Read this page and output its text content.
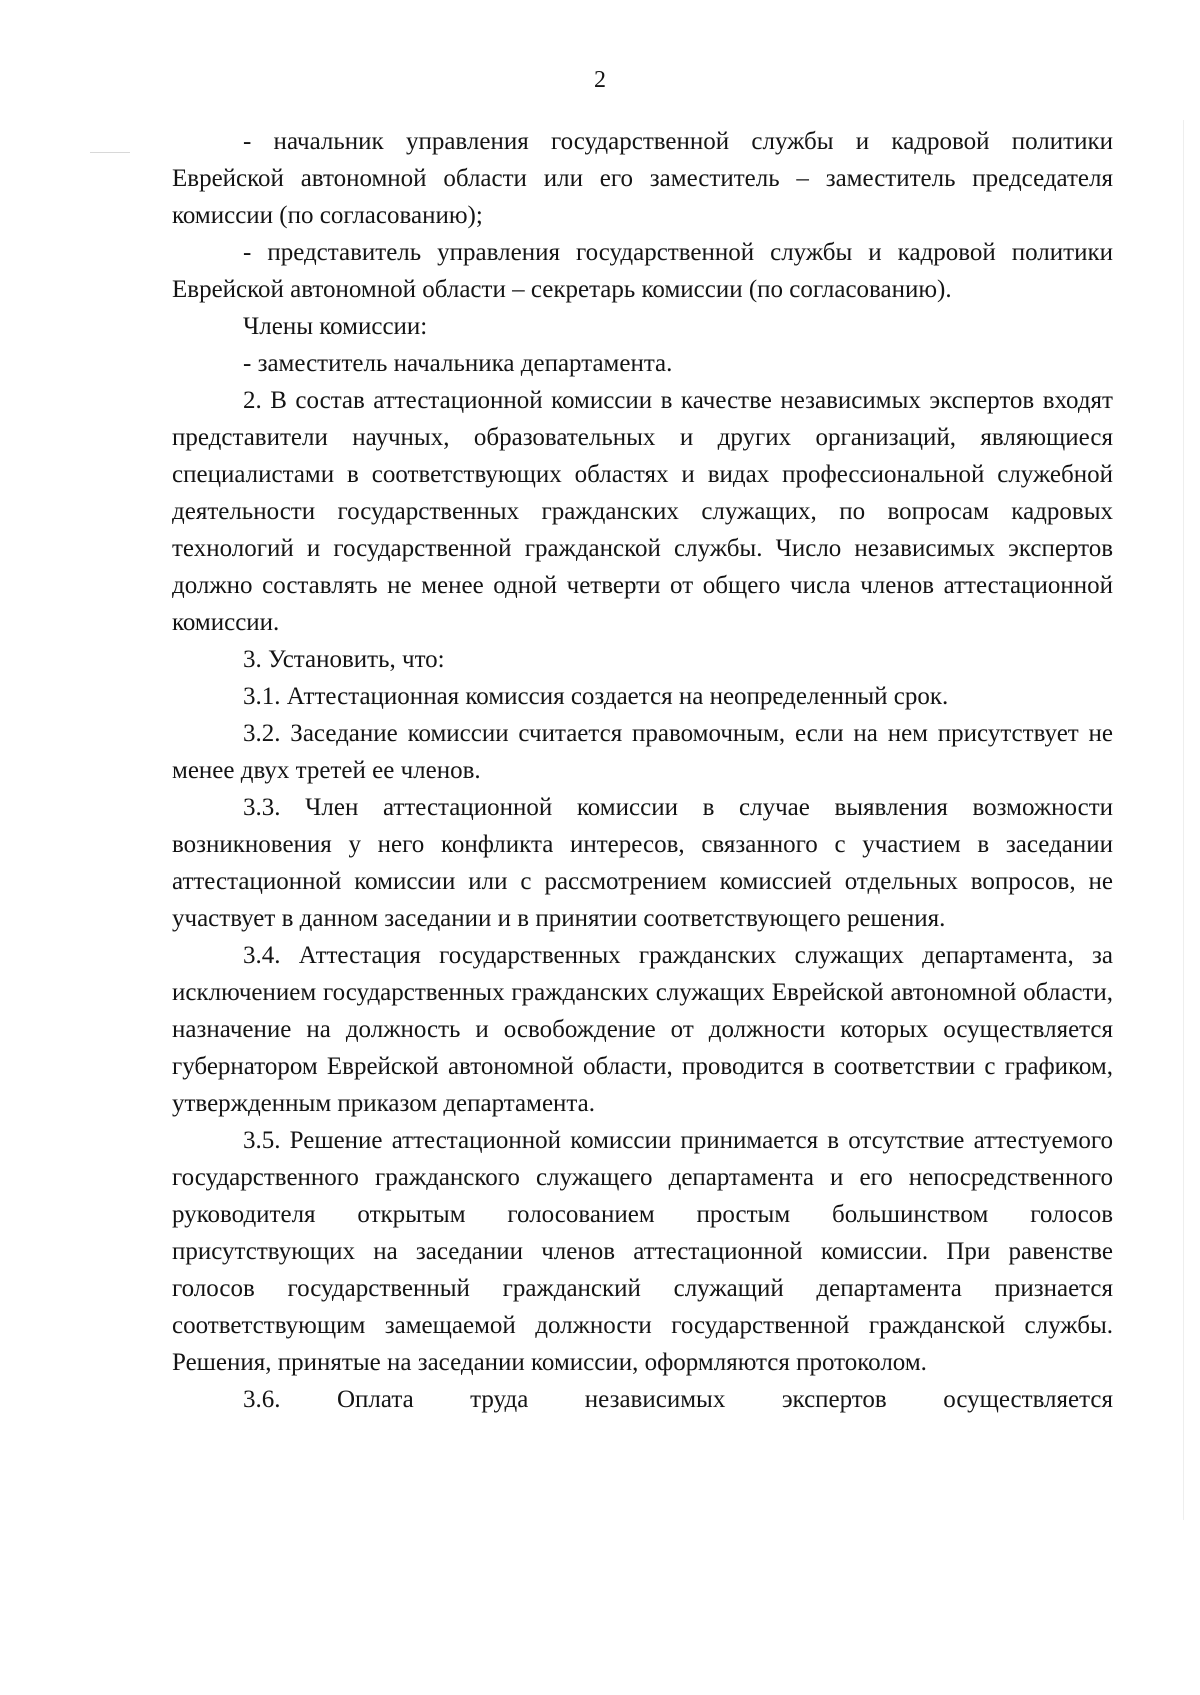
2

- начальник управления государственной службы и кадровой политики Еврейской автономной области или его заместитель – заместитель председателя комиссии (по согласованию);

- представитель управления государственной службы и кадровой политики Еврейской автономной области – секретарь комиссии (по согласованию).

Члены комиссии:

- заместитель начальника департамента.

2. В состав аттестационной комиссии в качестве независимых экспертов входят представители научных, образовательных и других организаций, являющиеся специалистами в соответствующих областях и видах профессиональной служебной деятельности государственных гражданских служащих, по вопросам кадровых технологий и государственной гражданской службы. Число независимых экспертов должно составлять не менее одной четверти от общего числа членов аттестационной комиссии.

3. Установить, что:

3.1. Аттестационная комиссия создается на неопределенный срок.

3.2. Заседание комиссии считается правомочным, если на нем присутствует не менее двух третей ее членов.

3.3. Член аттестационной комиссии в случае выявления возможности возникновения у него конфликта интересов, связанного с участием в заседании аттестационной комиссии или с рассмотрением комиссией отдельных вопросов, не участвует в данном заседании и в принятии соответствующего решения.

3.4. Аттестация государственных гражданских служащих департамента, за исключением государственных гражданских служащих Еврейской автономной области, назначение на должность и освобождение от должности которых осуществляется губернатором Еврейской автономной области, проводится в соответствии с графиком, утвержденным приказом департамента.

3.5. Решение аттестационной комиссии принимается в отсутствие аттестуемого государственного гражданского служащего департамента и его непосредственного руководителя открытым голосованием простым большинством голосов присутствующих на заседании членов аттестационной комиссии. При равенстве голосов государственный гражданский служащий департамента признается соответствующим замещаемой должности государственной гражданской службы. Решения, принятые на заседании комиссии, оформляются протоколом.

3.6. Оплата труда независимых экспертов осуществляется
